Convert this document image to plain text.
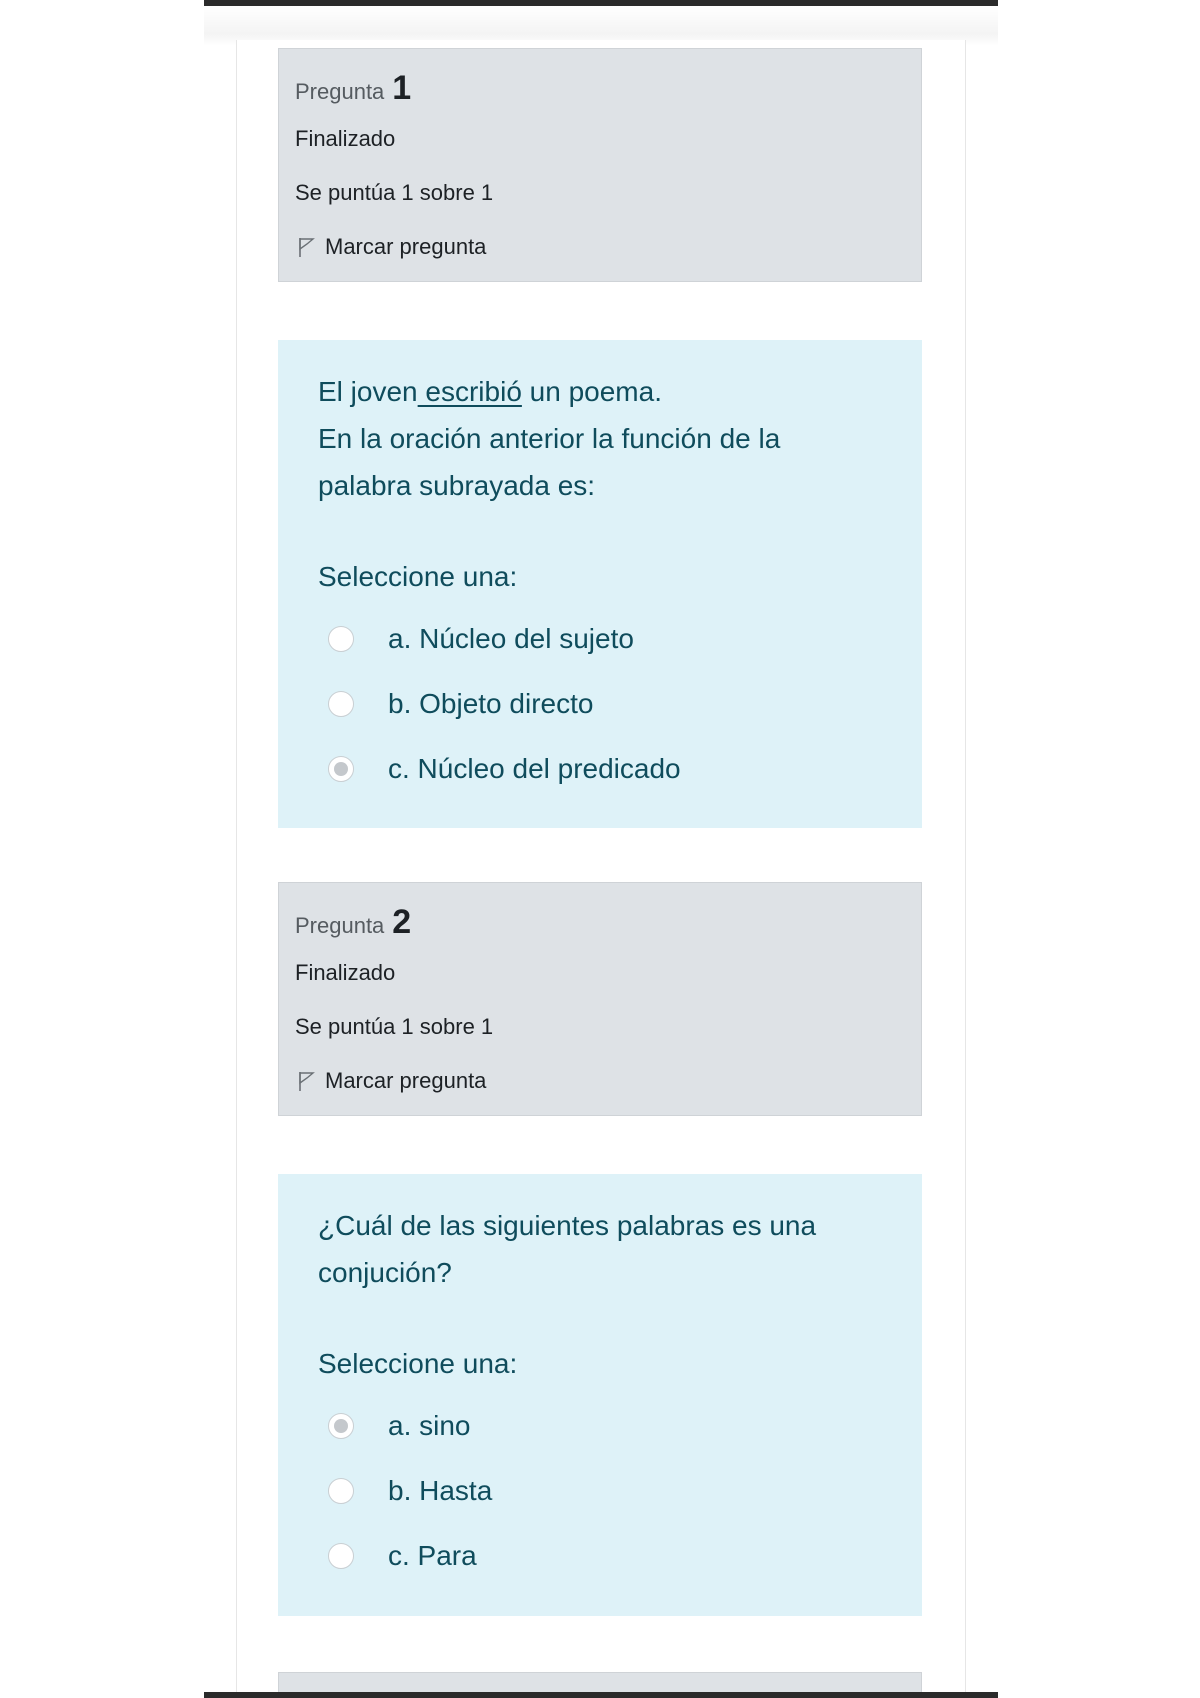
Pregunta 1
Finalizado
Se puntúa 1 sobre 1
Marcar pregunta

El joven escribió un poema.

En la oración anterior la función de la palabra subrayada es:

Seleccione una:
a. Núcleo del sujeto
b. Objeto directo
c. Núcleo del predicado
Pregunta 2
Finalizado
Se puntúa 1 sobre 1
Marcar pregunta

¿Cuál de las siguientes palabras es una conjución?

Seleccione una:
a. sino
b. Hasta
c. Para
